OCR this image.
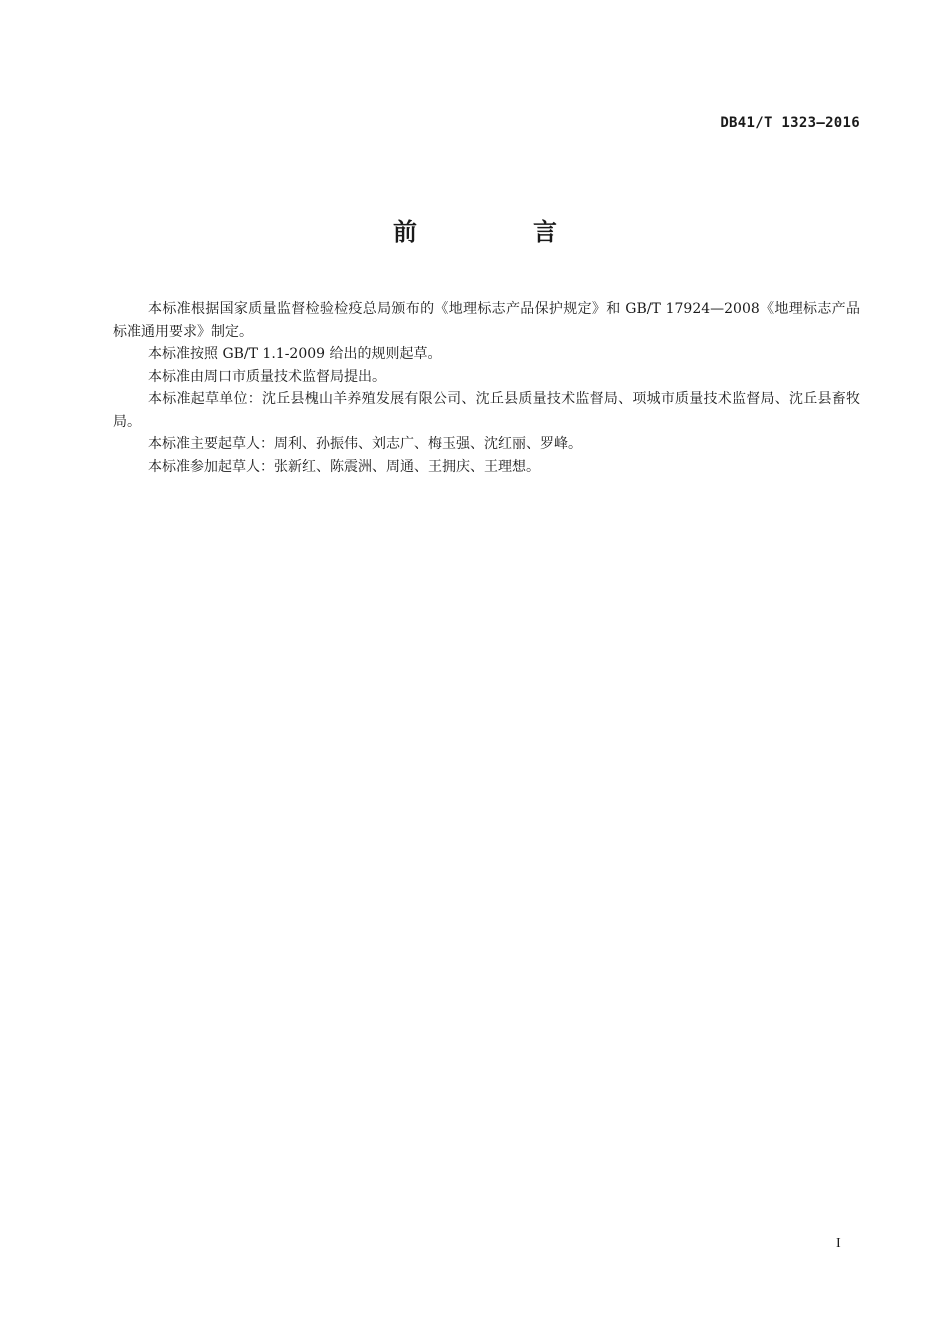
DB41/T 1323—2016
前　言

本标准根据国家质量监督检验检疫总局颁布的《地理标志产品保护规定》和 GB/T 17924—2008《地理标志产品标准通用要求》制定。

本标准按照 GB/T 1.1-2009 给出的规则起草。

本标准由周口市质量技术监督局提出。

本标准起草单位：沈丘县槐山羊养殖发展有限公司、沈丘县质量技术监督局、项城市质量技术监督局、沈丘县畜牧局。

本标准主要起草人：周利、孙振伟、刘志广、梅玉强、沈红丽、罗峰。

本标准参加起草人：张新红、陈震洲、周通、王拥庆、王理想。

I
